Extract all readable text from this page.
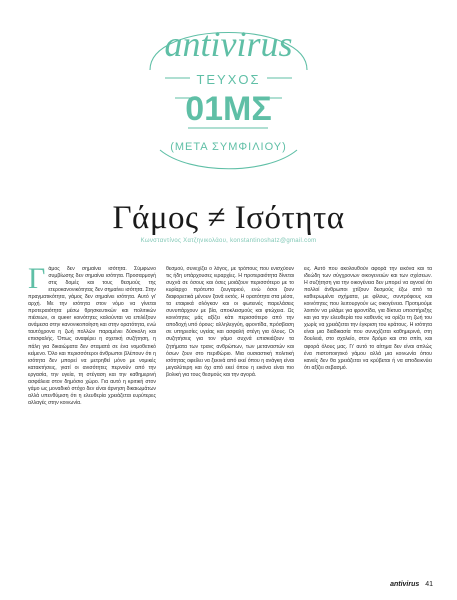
antivirus
ΤΕΥΧΟΣ
01ΜΣ
(ΜΕΤΑ ΣΥΜΦΙΛΙΟΥ)
Γάμος ≠ Ισότητα
Κωνσταντίνος Χατζηνικολάου, konstantinoshatz@gmail.com
Γ άμος δεν σημαίνει ισότητα. Σύμφωνο συμβίωσης δεν σημαίνει ισότητα. Προσαρμογή στις δομές και τους θεσμούς της ετεροκανονικότητας δεν σημαίνει ισότητα. Στην πραγματικότητα, γάμος δεν σημαίνει ισότητα. Αυτό γι' αρχή. Με την ισότητα στον νόμο να γίνεται προτεραιότητα μέσω θρησκευτικών και πολιτικών πιέσεων, οι queer κοινότητες καλούνται να επιλέξουν ανάμεσα στην κανονικοποίηση και στην ορατότητα, ενώ ταυτόχρονα η ζωή πολλών παραμένει δύσκολη και επισφαλής. Όπως αναφέρει η σχετική συζήτηση, η πάλη για δικαιώματα δεν σταματά σε ένα νομοθετικό κείμενο. Όλο και περισσότεροι άνθρωποι βλέπουν ότι η ισότητα δεν μπορεί να μετρηθεί μόνο με νομικές κατακτήσεις, γιατί οι ανισότητες περνούν από την εργασία, την υγεία, τη στέγαση και την καθημερινή ασφάλεια στον δημόσιο χώρο. Για αυτό η κριτική στον γάμο ως μοναδικό στόχο δεν είναι άρνηση δικαιωμάτων αλλά υπενθύμιση ότι η ελευθερία χρειάζεται ευρύτερες αλλαγές στην κοινωνία.

θεσμού, συνεχίζει ο λόγος, με τρόπους που ενισχύουν τις ήδη υπάρχουσες ιεραρχίες. Η προτεραιότητα δίνεται συχνά σε όσους και όσες μοιάζουν περισσότερο με το κυρίαρχο πρότυπο ζευγαριού, ενώ όσοι ζουν διαφορετικά μένουν ξανά εκτός. Η ορατότητα στα μέσα, τα εταιρικά σλόγκαν και οι φωτεινές παρελάσεις συνυπάρχουν με βία, αποκλεισμούς και φτώχεια. Ως κοινότητες μάς αξίζει κάτι περισσότερο από την αποδοχή υπό όρους: αλληλεγγύη, φροντίδα, πρόσβαση σε υπηρεσίες υγείας και ασφαλή στέγη για όλους. Οι συζητήσεις για τον γάμο συχνά επισκιάζουν τα ζητήματα των τρανς ανθρώπων, των μεταναστών και όσων ζουν στο περιθώριο. Μια ουσιαστική πολιτική ισότητας οφείλει να ξεκινά από εκεί όπου η ανάγκη είναι μεγαλύτερη και όχι από εκεί όπου η εικόνα είναι πιο βολική για τους θεσμούς και την αγορά.

εις. Αυτό που ακολουθούν αφορά την εικόνα και τα ιδεώδη των σύγχρονων οικογενειών και των σχέσεων. Η συζήτηση για την οικογένεια δεν μπορεί να αγνοεί ότι πολλοί άνθρωποι χτίζουν δεσμούς έξω από τα καθιερωμένα σχήματα, με φίλους, συντρόφους και κοινότητες που λειτουργούν ως οικογένεια. Προτιμούμε λοιπόν να μιλάμε για φροντίδα, για δίκτυα υποστήριξης και για την ελευθερία του καθενός να ορίζει τη ζωή του χωρίς να χρειάζεται την έγκριση του κράτους. Η ισότητα είναι μια διαδικασία που συνεχίζεται καθημερινά, στη δουλειά, στο σχολείο, στον δρόμο και στο σπίτι, και αφορά όλους μας. Γι' αυτό το αίτημα δεν είναι απλώς ένα πιστοποιητικό γάμου αλλά μια κοινωνία όπου κανείς δεν θα χρειάζεται να κρύβεται ή να αποδεικνύει ότι αξίζει σεβασμό.

antivirus 41
